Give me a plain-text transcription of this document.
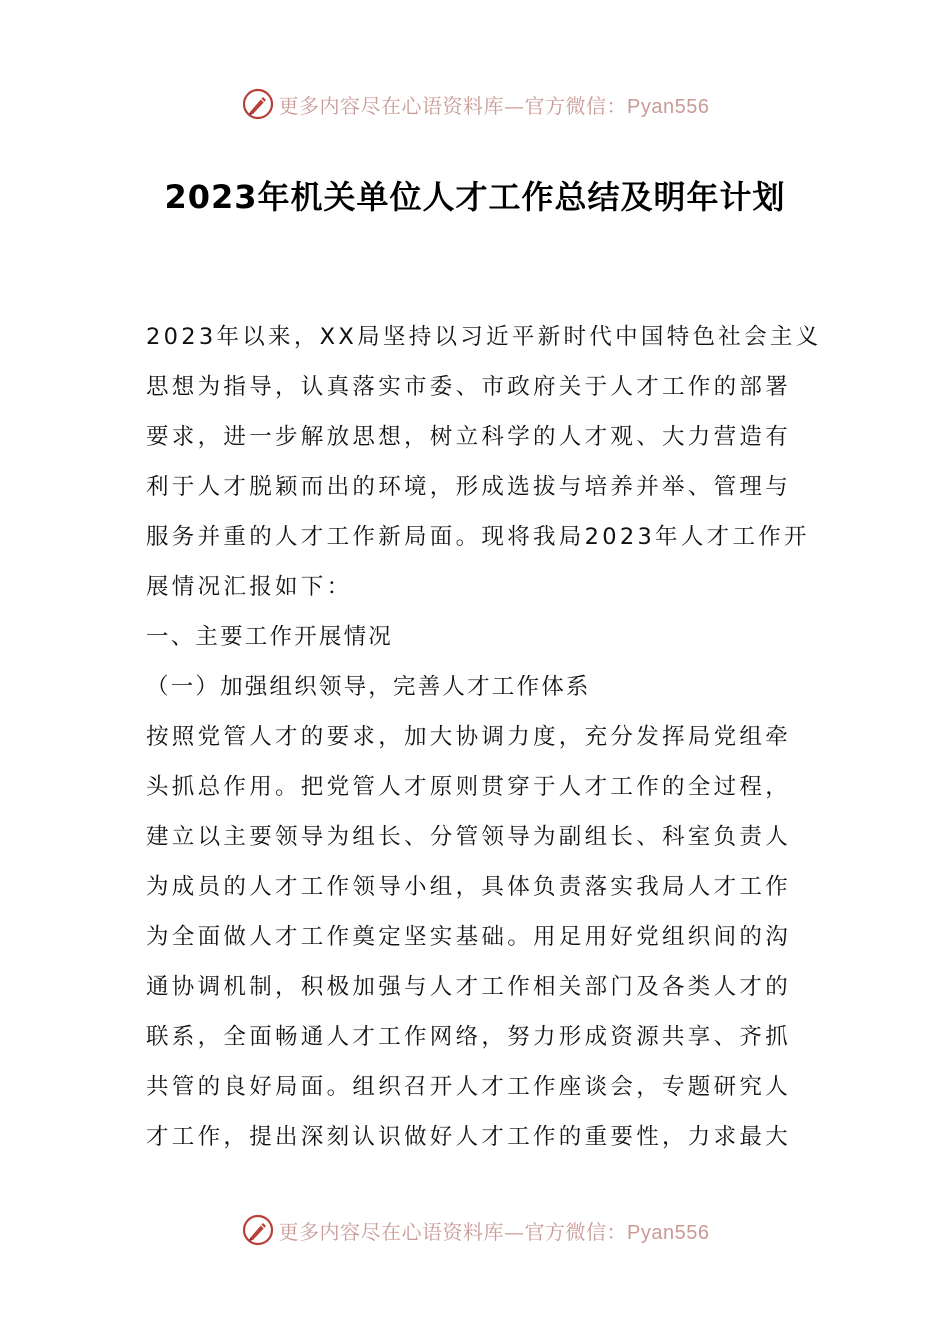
更多内容尽在心语资料库—官方微信：Pyan556
2023年机关单位人才工作总结及明年计划
2023年以来，XX局坚持以习近平新时代中国特色社会主义
思想为指导，认真落实市委、市政府关于人才工作的部署
要求，进一步解放思想，树立科学的人才观、大力营造有
利于人才脱颖而出的环境，形成选拔与培养并举、管理与
服务并重的人才工作新局面。现将我局2023年人才工作开
展情况汇报如下：
一、主要工作开展情况
（一）加强组织领导，完善人才工作体系
按照党管人才的要求，加大协调力度，充分发挥局党组牵
头抓总作用。把党管人才原则贯穿于人才工作的全过程，
建立以主要领导为组长、分管领导为副组长、科室负责人
为成员的人才工作领导小组，具体负责落实我局人才工作
为全面做人才工作奠定坚实基础。用足用好党组织间的沟
通协调机制，积极加强与人才工作相关部门及各类人才的
联系，全面畅通人才工作网络，努力形成资源共享、齐抓
共管的良好局面。组织召开人才工作座谈会，专题研究人
才工作，提出深刻认识做好人才工作的重要性，力求最大
更多内容尽在心语资料库—官方微信：Pyan556
